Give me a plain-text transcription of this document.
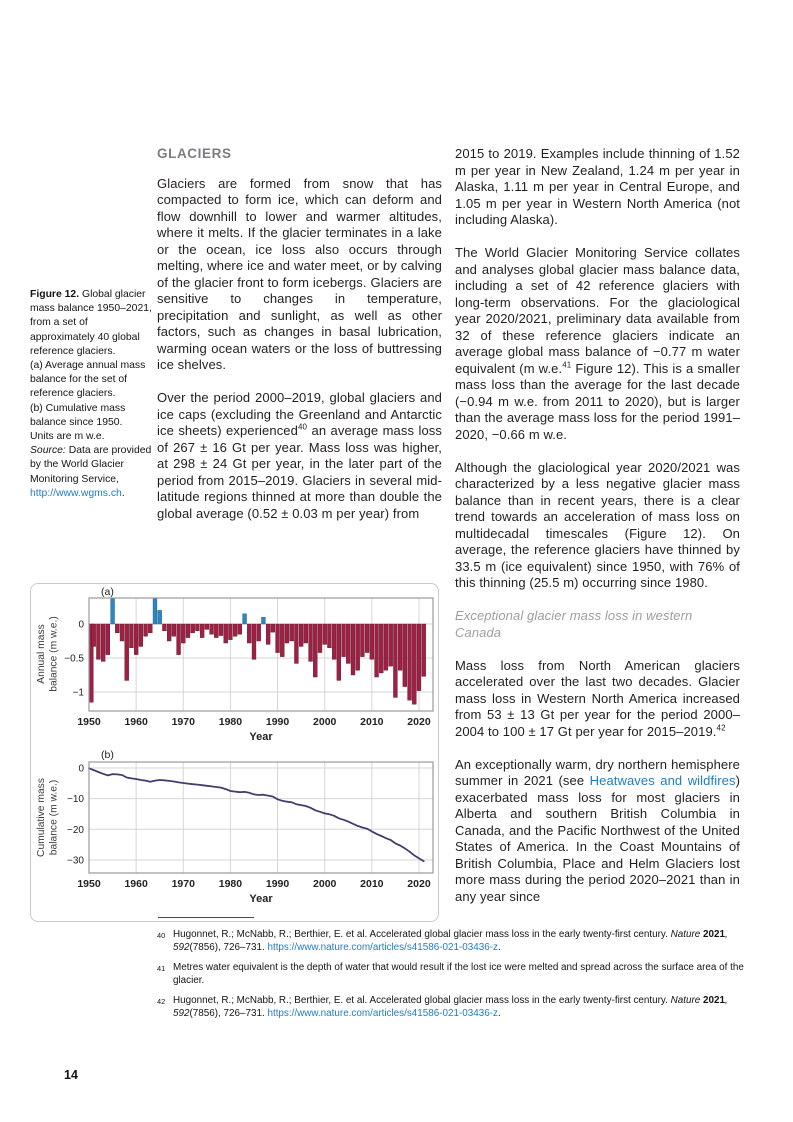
Figure 12. Global glacier mass balance 1950–2021, from a set of approximately 40 global reference glaciers.
(a) Average annual mass balance for the set of reference glaciers.
(b) Cumulative mass balance since 1950.
Units are m w.e.
Source: Data are provided by the World Glacier Monitoring Service, http://www.wgms.ch.
GLACIERS

Glaciers are formed from snow that has compacted to form ice, which can deform and flow downhill to lower and warmer altitudes, where it melts. If the glacier terminates in a lake or the ocean, ice loss also occurs through melting, where ice and water meet, or by calving of the glacier front to form icebergs. Glaciers are sensitive to changes in temperature, precipitation and sunlight, as well as other factors, such as changes in basal lubrication, warming ocean waters or the loss of buttressing ice shelves.

Over the period 2000–2019, global glaciers and ice caps (excluding the Greenland and Antarctic ice sheets) experienced$^{40}$ an average mass loss of 267 ± 16 Gt per year. Mass loss was higher, at 298 ± 24 Gt per year, in the later part of the period from 2015–2019. Glaciers in several mid-latitude regions thinned at more than double the global average (0.52 ± 0.03 m per year) from

2015 to 2019. Examples include thinning of 1.52 m per year in New Zealand, 1.24 m per year in Alaska, 1.11 m per year in Central Europe, and 1.05 m per year in Western North America (not including Alaska).

The World Glacier Monitoring Service collates and analyses global glacier mass balance data, including a set of 42 reference glaciers with long-term observations. For the glaciological year 2020/2021, preliminary data available from 32 of these reference glaciers indicate an average global mass balance of −0.77 m water equivalent (m w.e.$^{41}$ Figure 12). This is a smaller mass loss than the average for the last decade (−0.94 m w.e. from 2011 to 2020), but is larger than the average mass loss for the period 1991–2020, −0.66 m w.e.

Although the glaciological year 2020/2021 was characterized by a less negative glacier mass balance than in recent years, there is a clear trend towards an acceleration of mass loss on multidecadal timescales (Figure 12). On average, the reference glaciers have thinned by 33.5 m (ice equivalent) since 1950, with 76% of this thinning (25.5 m) occurring since 1980.

Exceptional glacier mass loss in western Canada

Mass loss from North American glaciers accelerated over the last two decades. Glacier mass loss in Western North America increased from 53 ± 13 Gt per year for the period 2000–2004 to 100 ± 17 Gt per year for 2015–2019.42

An exceptionally warm, dry northern hemisphere summer in 2021 (see Heatwaves and wildfires) exacerbated mass loss for most glaciers in Alberta and southern British Columbia in Canada, and the Pacific Northwest of the United States of America. In the Coast Mountains of British Columbia, Place and Helm Glaciers lost more mass during the period 2020–2021 than in any year since

0
−0.5
−1
1950 1960 1970 1980 1990 2000 2010 2020
Year
Annual mass balance (m w.e.)
(a)
0
−10
−20
−30
1950 1960 1970 1980 1990 2000 2010 2020
Year
Cumulative mass balance (m w.e.)
(b)
40 Hugonnet, R.; McNabb, R.; Berthier, E. et al. Accelerated global glacier mass loss in the early twenty-first century. Nature 2021, 592(7856), 726–731. https://www.nature.com/articles/s41586-021-03436-z.
41 Metres water equivalent is the depth of water that would result if the lost ice were melted and spread across the surface area of the glacier.
42 Hugonnet, R.; McNabb, R.; Berthier, E. et al. Accelerated global glacier mass loss in the early twenty-first century. Nature 2021, 592(7856), 726–731. https://www.nature.com/articles/s41586-021-03436-z.
14
